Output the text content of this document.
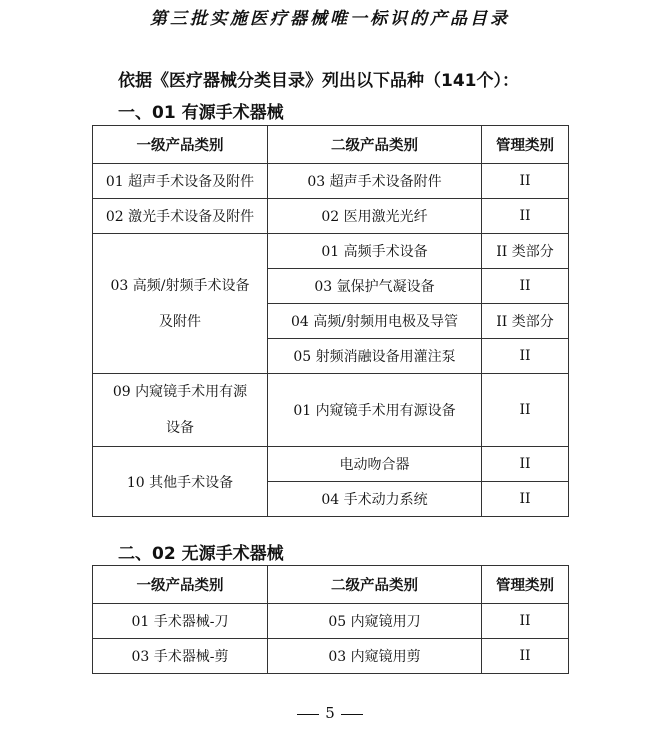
第三批实施医疗器械唯一标识的产品目录
依据《医疗器械分类目录》列出以下品种（141个）：
一、01 有源手术器械
一级产品类别	二级产品类别	管理类别
01 超声手术设备及附件	03 超声手术设备附件	II
02 激光手术设备及附件	02 医用激光光纤	II

03 高频/射频手术设备
及附件	01 高频手术设备	II 类部分
	03 氩保护气凝设备	II
	04 高频/射频用电极及导管	II 类部分
	05 射频消融设备用灌注泵	II

09 内窥镜手术用有源
设备	01 内窥镜手术用有源设备	II
10 其他手术设备	电动吻合器	II
	04 手术动力系统	II
二、02 无源手术器械
一级产品类别	二级产品类别	管理类别
01 手术器械-刀	05 内窥镜用刀	II
03 手术器械-剪	03 内窥镜用剪	II
5
